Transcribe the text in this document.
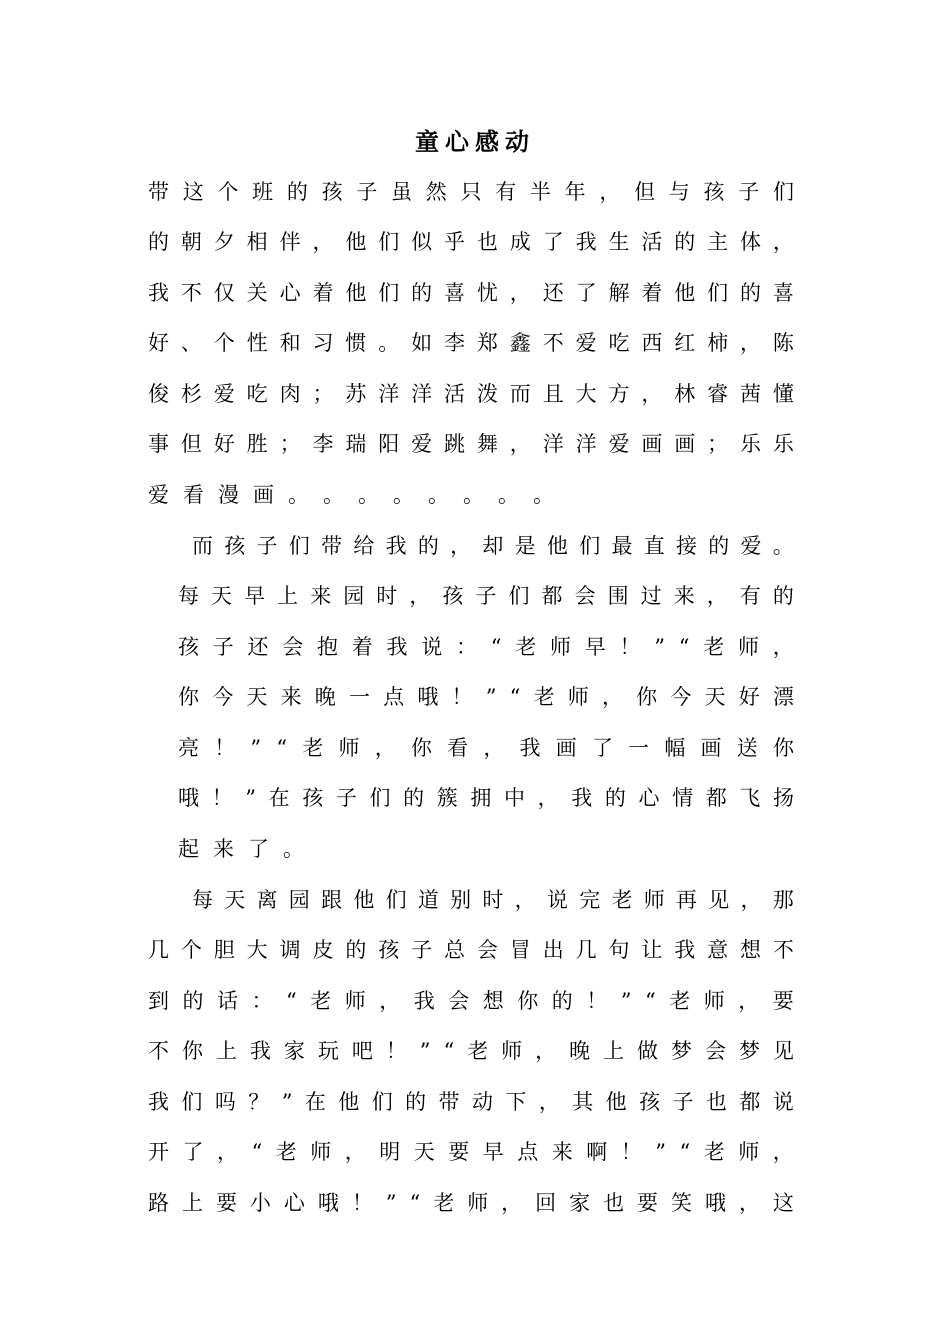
童心感动
带 这 个 班 的 孩 子 虽 然 只 有 半 年 ， 但 与 孩 子 们
的 朝 夕 相 伴 ， 他 们 似 乎 也 成 了 我 生 活 的 主 体 ，
我 不 仅 关 心 着 他 们 的 喜 忧 ， 还 了 解 着 他 们 的 喜
好 、 个 性 和 习 惯 。 如 李 郑 鑫 不 爱 吃 西 红 柿 ， 陈
俊 杉 爱 吃 肉 ； 苏 洋 洋 活 泼 而 且 大 方 ， 林 睿 茜 懂
事 但 好 胜 ； 李 瑞 阳 爱 跳 舞 ， 洋 洋 爱 画 画 ； 乐 乐
爱 看 漫 画 。 。 。 。 。 。 。 。
而 孩 子 们 带 给 我 的 ， 却 是 他 们 最 直 接 的 爱 。
每 天 早 上 来 园 时 ， 孩 子 们 都 会 围 过 来 ， 有 的
孩 子 还 会 抱 着 我 说 ： “ 老 师 早 ！ ” “ 老 师 ，
你 今 天 来 晚 一 点 哦 ！ ” “ 老 师 ， 你 今 天 好 漂
亮 ！ ” “ 老 师 ， 你 看 ， 我 画 了 一 幅 画 送 你
哦 ！ ” 在 孩 子 们 的 簇 拥 中 ， 我 的 心 情 都 飞 扬
起 来 了 。
每 天 离 园 跟 他 们 道 别 时 ， 说 完 老 师 再 见 ， 那
几 个 胆 大 调 皮 的 孩 子 总 会 冒 出 几 句 让 我 意 想 不
到 的 话 ： “ 老 师 ， 我 会 想 你 的 ！ ” “ 老 师 ， 要
不 你 上 我 家 玩 吧 ！ ” “ 老 师 ， 晚 上 做 梦 会 梦 见
我 们 吗 ？ ” 在 他 们 的 带 动 下 ， 其 他 孩 子 也 都 说
开 了 ， “ 老 师 ， 明 天 要 早 点 来 啊 ！ ” “ 老 师 ，
路 上 要 小 心 哦 ！ ” “ 老 师 ， 回 家 也 要 笑 哦 ， 这
